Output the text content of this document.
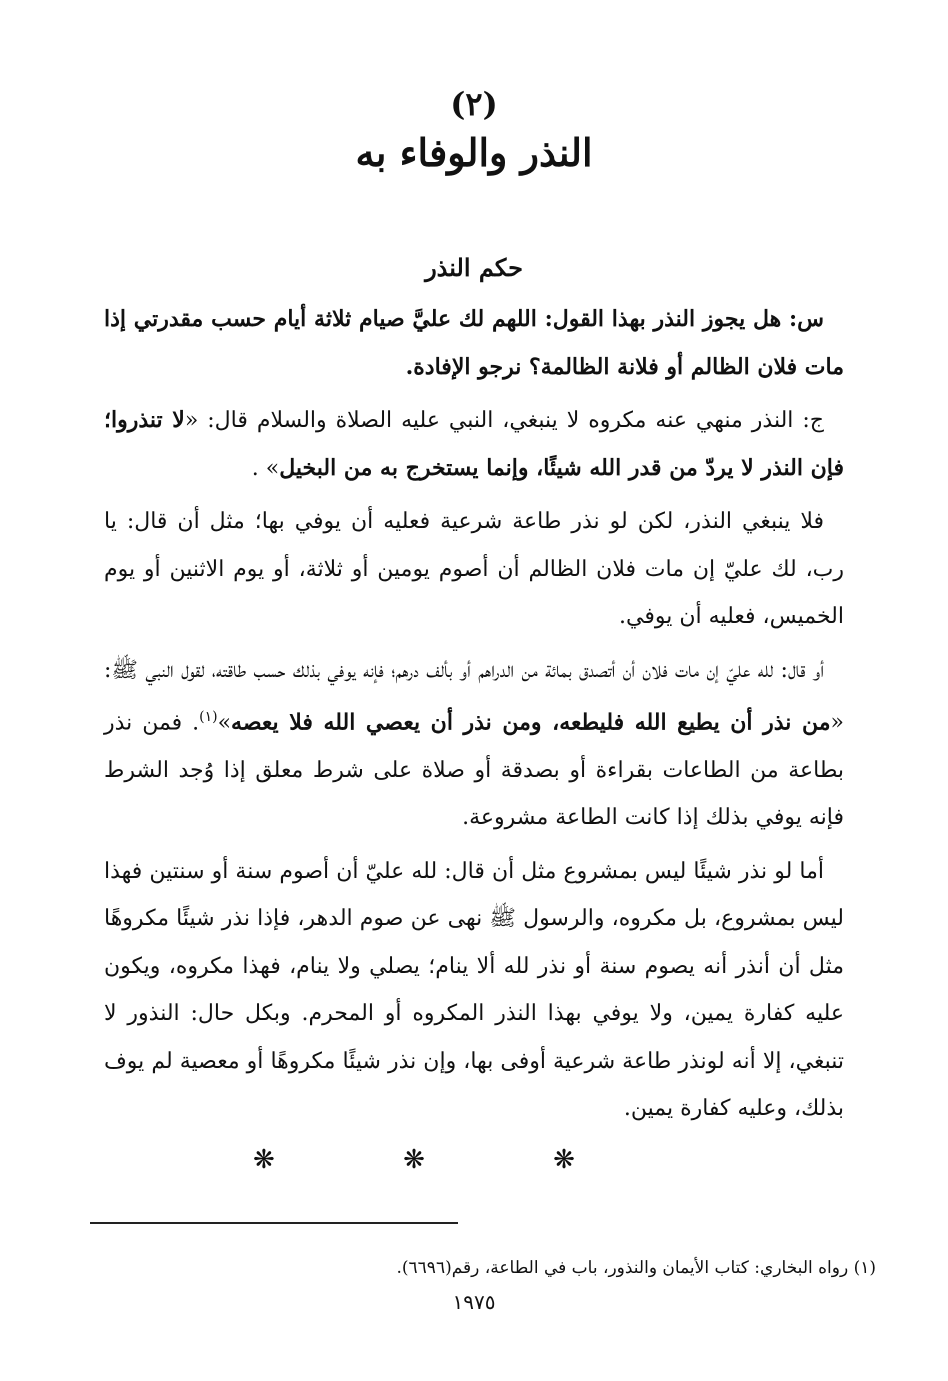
(٢)
النذر والوفاء به
حكم النذر

س: هل يجوز النذر بهذا القول: اللهم لك عليَّ صيام ثلاثة أيام حسب مقدرتي إذا مات فلان الظالم أو فلانة الظالمة؟ نرجو الإفادة.

ج: النذر منهي عنه مكروه لا ينبغي، النبي عليه الصلاة والسلام قال: «لا تنذروا؛ فإن النذر لا يردّ من قدر الله شيئًا، وإنما يستخرج به من البخيل» .

فلا ينبغي النذر، لكن لو نذر طاعة شرعية فعليه أن يوفي بها؛ مثل أن قال: يا رب، لك عليّ إن مات فلان الظالم أن أصوم يومين أو ثلاثة، أو يوم الاثنين أو يوم الخميس، فعليه أن يوفي.

أو قال: لله عليّ إن مات فلان أن أتصدق بمائة من الدراهم أو بألف درهم؛ فإنه يوفي بذلك حسب طاقته، لقول النبي ﷺ: «من نذر أن يطيع الله فليطعه، ومن نذر أن يعصي الله فلا يعصه»$^{(١)}$. فمن نذر بطاعة من الطاعات بقراءة أو بصدقة أو صلاة على شرط معلق إذا وُجد الشرط فإنه يوفي بذلك إذا كانت الطاعة مشروعة.

أما لو نذر شيئًا ليس بمشروع مثل أن قال: لله عليّ أن أصوم سنة أو سنتين فهذا ليس بمشروع، بل مكروه، والرسول ﷺ نهى عن صوم الدهر، فإذا نذر شيئًا مكروهًا مثل أن أنذر أنه يصوم سنة أو نذر لله ألا ينام؛ يصلي ولا ينام، فهذا مكروه، ويكون عليه كفارة يمين، ولا يوفي بهذا النذر المكروه أو المحرم. وبكل حال: النذور لا تنبغي، إلا أنه لونذر طاعة شرعية أوفى بها، وإن نذر شيئًا مكروهًا أو معصية لم يوف بذلك، وعليه كفارة يمين.

❋ ❋ ❋
(١) رواه البخاري: كتاب الأيمان والنذور، باب في الطاعة، رقم(٦٦٩٦).
١٩٧٥
